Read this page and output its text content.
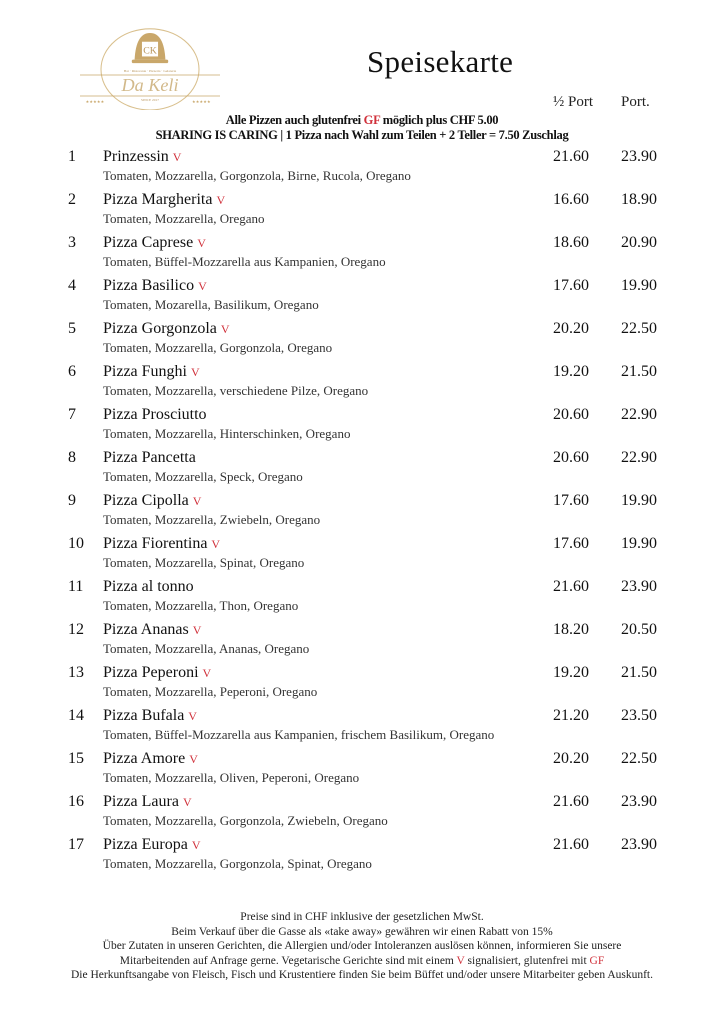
CK
Bar · Ristorante · Pizzeria · Gelateria
Da Keli
SINCE 2017
★★★★★	★★★★★
Speisekarte
½ Port Port.
Alle Pizzen auch glutenfrei GF möglich plus CHF 5.00
SHARING IS CARING | 1 Pizza nach Wahl zum Teilen + 2 Teller = 7.50 Zuschlag
1 Prinzessin V
Tomaten, Mozzarella, Gorgonzola, Birne, Rucola, Oregano
21.60 23.90
2 Pizza Margherita V
Tomaten, Mozzarella, Oregano
16.60 18.90
3 Pizza Caprese V
Tomaten, Büffel-Mozzarella aus Kampanien, Oregano
18.60 20.90
4 Pizza Basilico V
Tomaten, Mozarella, Basilikum, Oregano
17.60 19.90
5 Pizza Gorgonzola V
Tomaten, Mozzarella, Gorgonzola, Oregano
20.20 22.50
6 Pizza Funghi V
Tomaten, Mozzarella, verschiedene Pilze, Oregano
19.20 21.50
7 Pizza Prosciutto
Tomaten, Mozzarella, Hinterschinken, Oregano
20.60 22.90
8 Pizza Pancetta
Tomaten, Mozzarella, Speck, Oregano
20.60 22.90
9 Pizza Cipolla V
Tomaten, Mozzarella, Zwiebeln, Oregano
17.60 19.90
10 Pizza Fiorentina V
Tomaten, Mozzarella, Spinat, Oregano
17.60 19.90
11 Pizza al tonno
Tomaten, Mozzarella, Thon, Oregano
21.60 23.90
12 Pizza Ananas V
Tomaten, Mozzarella, Ananas, Oregano
18.20 20.50
13 Pizza Peperoni V
Tomaten, Mozzarella, Peperoni, Oregano
19.20 21.50
14 Pizza Bufala V
Tomaten, Büffel-Mozzarella aus Kampanien, frischem Basilikum, Oregano
21.20 23.50
15 Pizza Amore V
Tomaten, Mozzarella, Oliven, Peperoni, Oregano
20.20 22.50
16 Pizza Laura V
Tomaten, Mozzarella, Gorgonzola, Zwiebeln, Oregano
21.60 23.90
17 Pizza Europa V
Tomaten, Mozzarella, Gorgonzola, Spinat, Oregano
21.60 23.90
Preise sind in CHF inklusive der gesetzlichen MwSt.
Beim Verkauf über die Gasse als «take away» gewähren wir einen Rabatt von 15%
Über Zutaten in unseren Gerichten, die Allergien und/oder Intoleranzen auslösen können, informieren Sie unsere
Mitarbeitenden auf Anfrage gerne. Vegetarische Gerichte sind mit einem V signalisiert, glutenfrei mit GF
Die Herkunftsangabe von Fleisch, Fisch und Krustentiere finden Sie beim Büffet und/oder unsere Mitarbeiter geben Auskunft.
